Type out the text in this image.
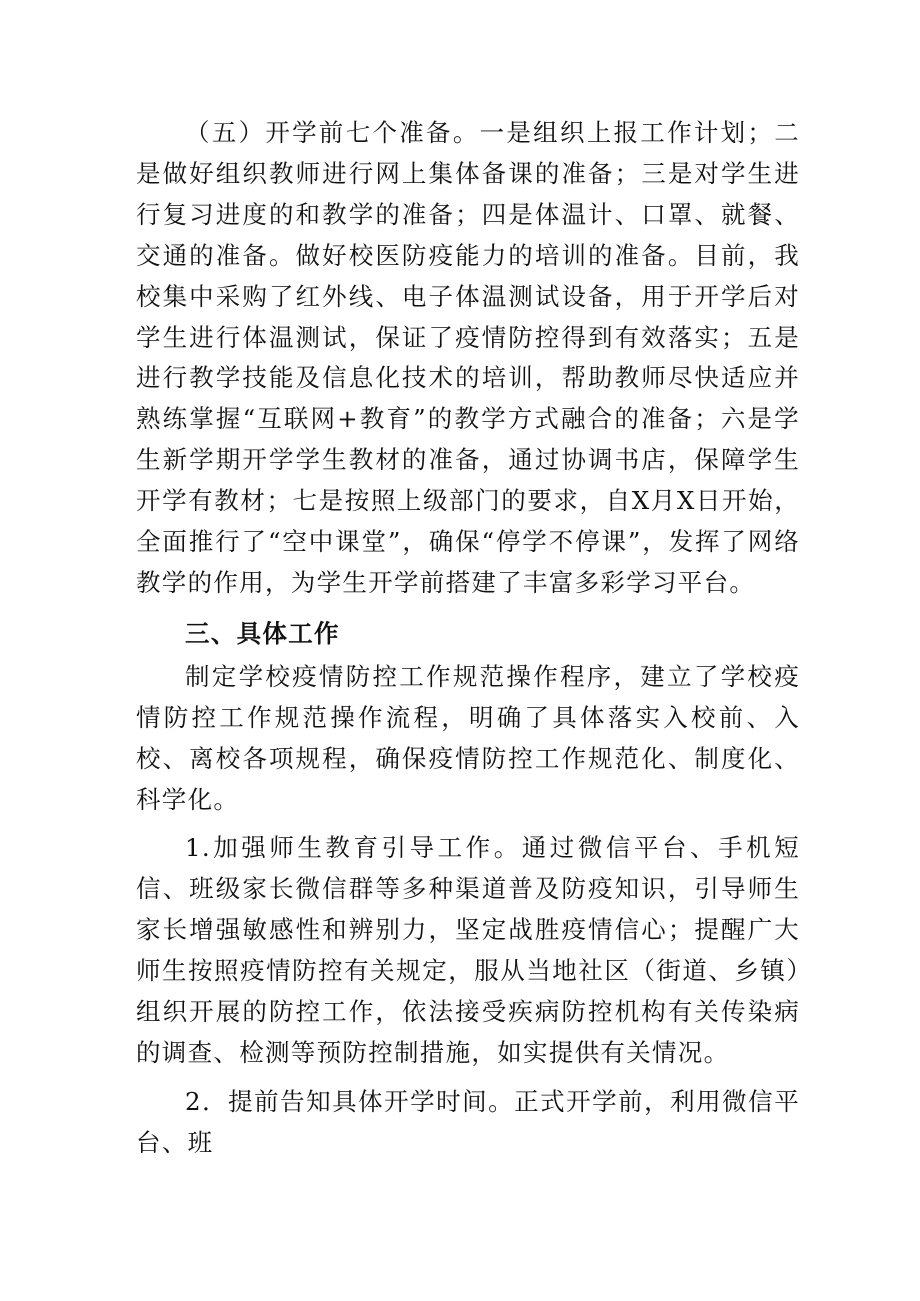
（五）开学前七个准备。一是组织上报工作计划；二是做好组织教师进行网上集体备课的准备；三是对学生进行复习进度的和教学的准备；四是体温计、口罩、就餐、交通的准备。做好校医防疫能力的培训的准备。目前，我校集中采购了红外线、电子体温测试设备，用于开学后对学生进行体温测试，保证了疫情防控得到有效落实；五是进行教学技能及信息化技术的培训，帮助教师尽快适应并熟练掌握“互联网+教育”的教学方式融合的准备；六是学生新学期开学学生教材的准备，通过协调书店，保障学生开学有教材；七是按照上级部门的要求，自X月X日开始，全面推行了“空中课堂”，确保“停学不停课”，发挥了网络教学的作用，为学生开学前搭建了丰富多彩学习平台。

三、具体工作

制定学校疫情防控工作规范操作程序，建立了学校疫情防控工作规范操作流程，明确了具体落实入校前、入校、离校各项规程，确保疫情防控工作规范化、制度化、科学化。

1.加强师生教育引导工作。通过微信平台、手机短信、班级家长微信群等多种渠道普及防疫知识，引导师生家长增强敏感性和辨别力，坚定战胜疫情信心；提醒广大师生按照疫情防控有关规定，服从当地社区（街道、乡镇）组织开展的防控工作，依法接受疾病防控机构有关传染病的调查、检测等预防控制措施，如实提供有关情况。

2．提前告知具体开学时间。正式开学前，利用微信平台、班
